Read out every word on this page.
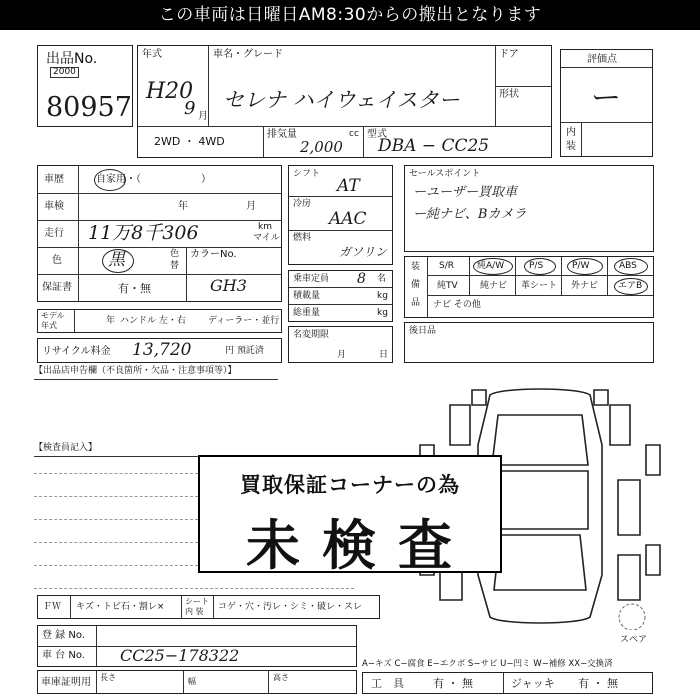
この車両は日曜日AM8:30からの搬出となります
出品No.
2000
80957
年式
H20
9 月
車名・グレード
セレナ ハイウェイスター
ドア
形状
2WD ・ 4WD
排気量	cc
2,000
型式
DBA − CC25
評価点
ー
内
装
車歴	自家用・（　　　　　　）
車検	年	月
走行 11万8千306	km
マイル
色	黒	色
替
カラーNo.
GH3
保証書	有・無
モデル
年式	年 ハンドル 左・右 ディーラー・並行
リサイクル料金 13,720	円 預託済
シフト
AT
冷房
AAC
燃料
ガソリン
乗車定員 8 名
積載量	kg
総重量	kg
名変期限
月	日
セールスポイント
ーユーザー買取車
ー純ナビ、Bカメラ
装
備
品
S/R	純A/W	P/S	P/W	ABS
純TV 純ナビ 革シート 外ナビ エアB
ナビ その他
後日品
【出品店申告欄（不良箇所・欠品・注意事項等）】
【検査員記入】
スペア
買取保証コーナーの為
未検査
ＦＷ キズ・トビ石・割レ×
シート
内 装 コゲ・穴・汚レ・シミ・破レ・スレ
登 録 No.
車 台 No. CC25−178322
車庫証明用 長さ	幅	高さ
A−キズ C−腐食 E−エクボ S−サビ U−凹ミ W−補修 XX−交換済
工　具	有 ・ 無	ジャッキ 有 ・ 無
